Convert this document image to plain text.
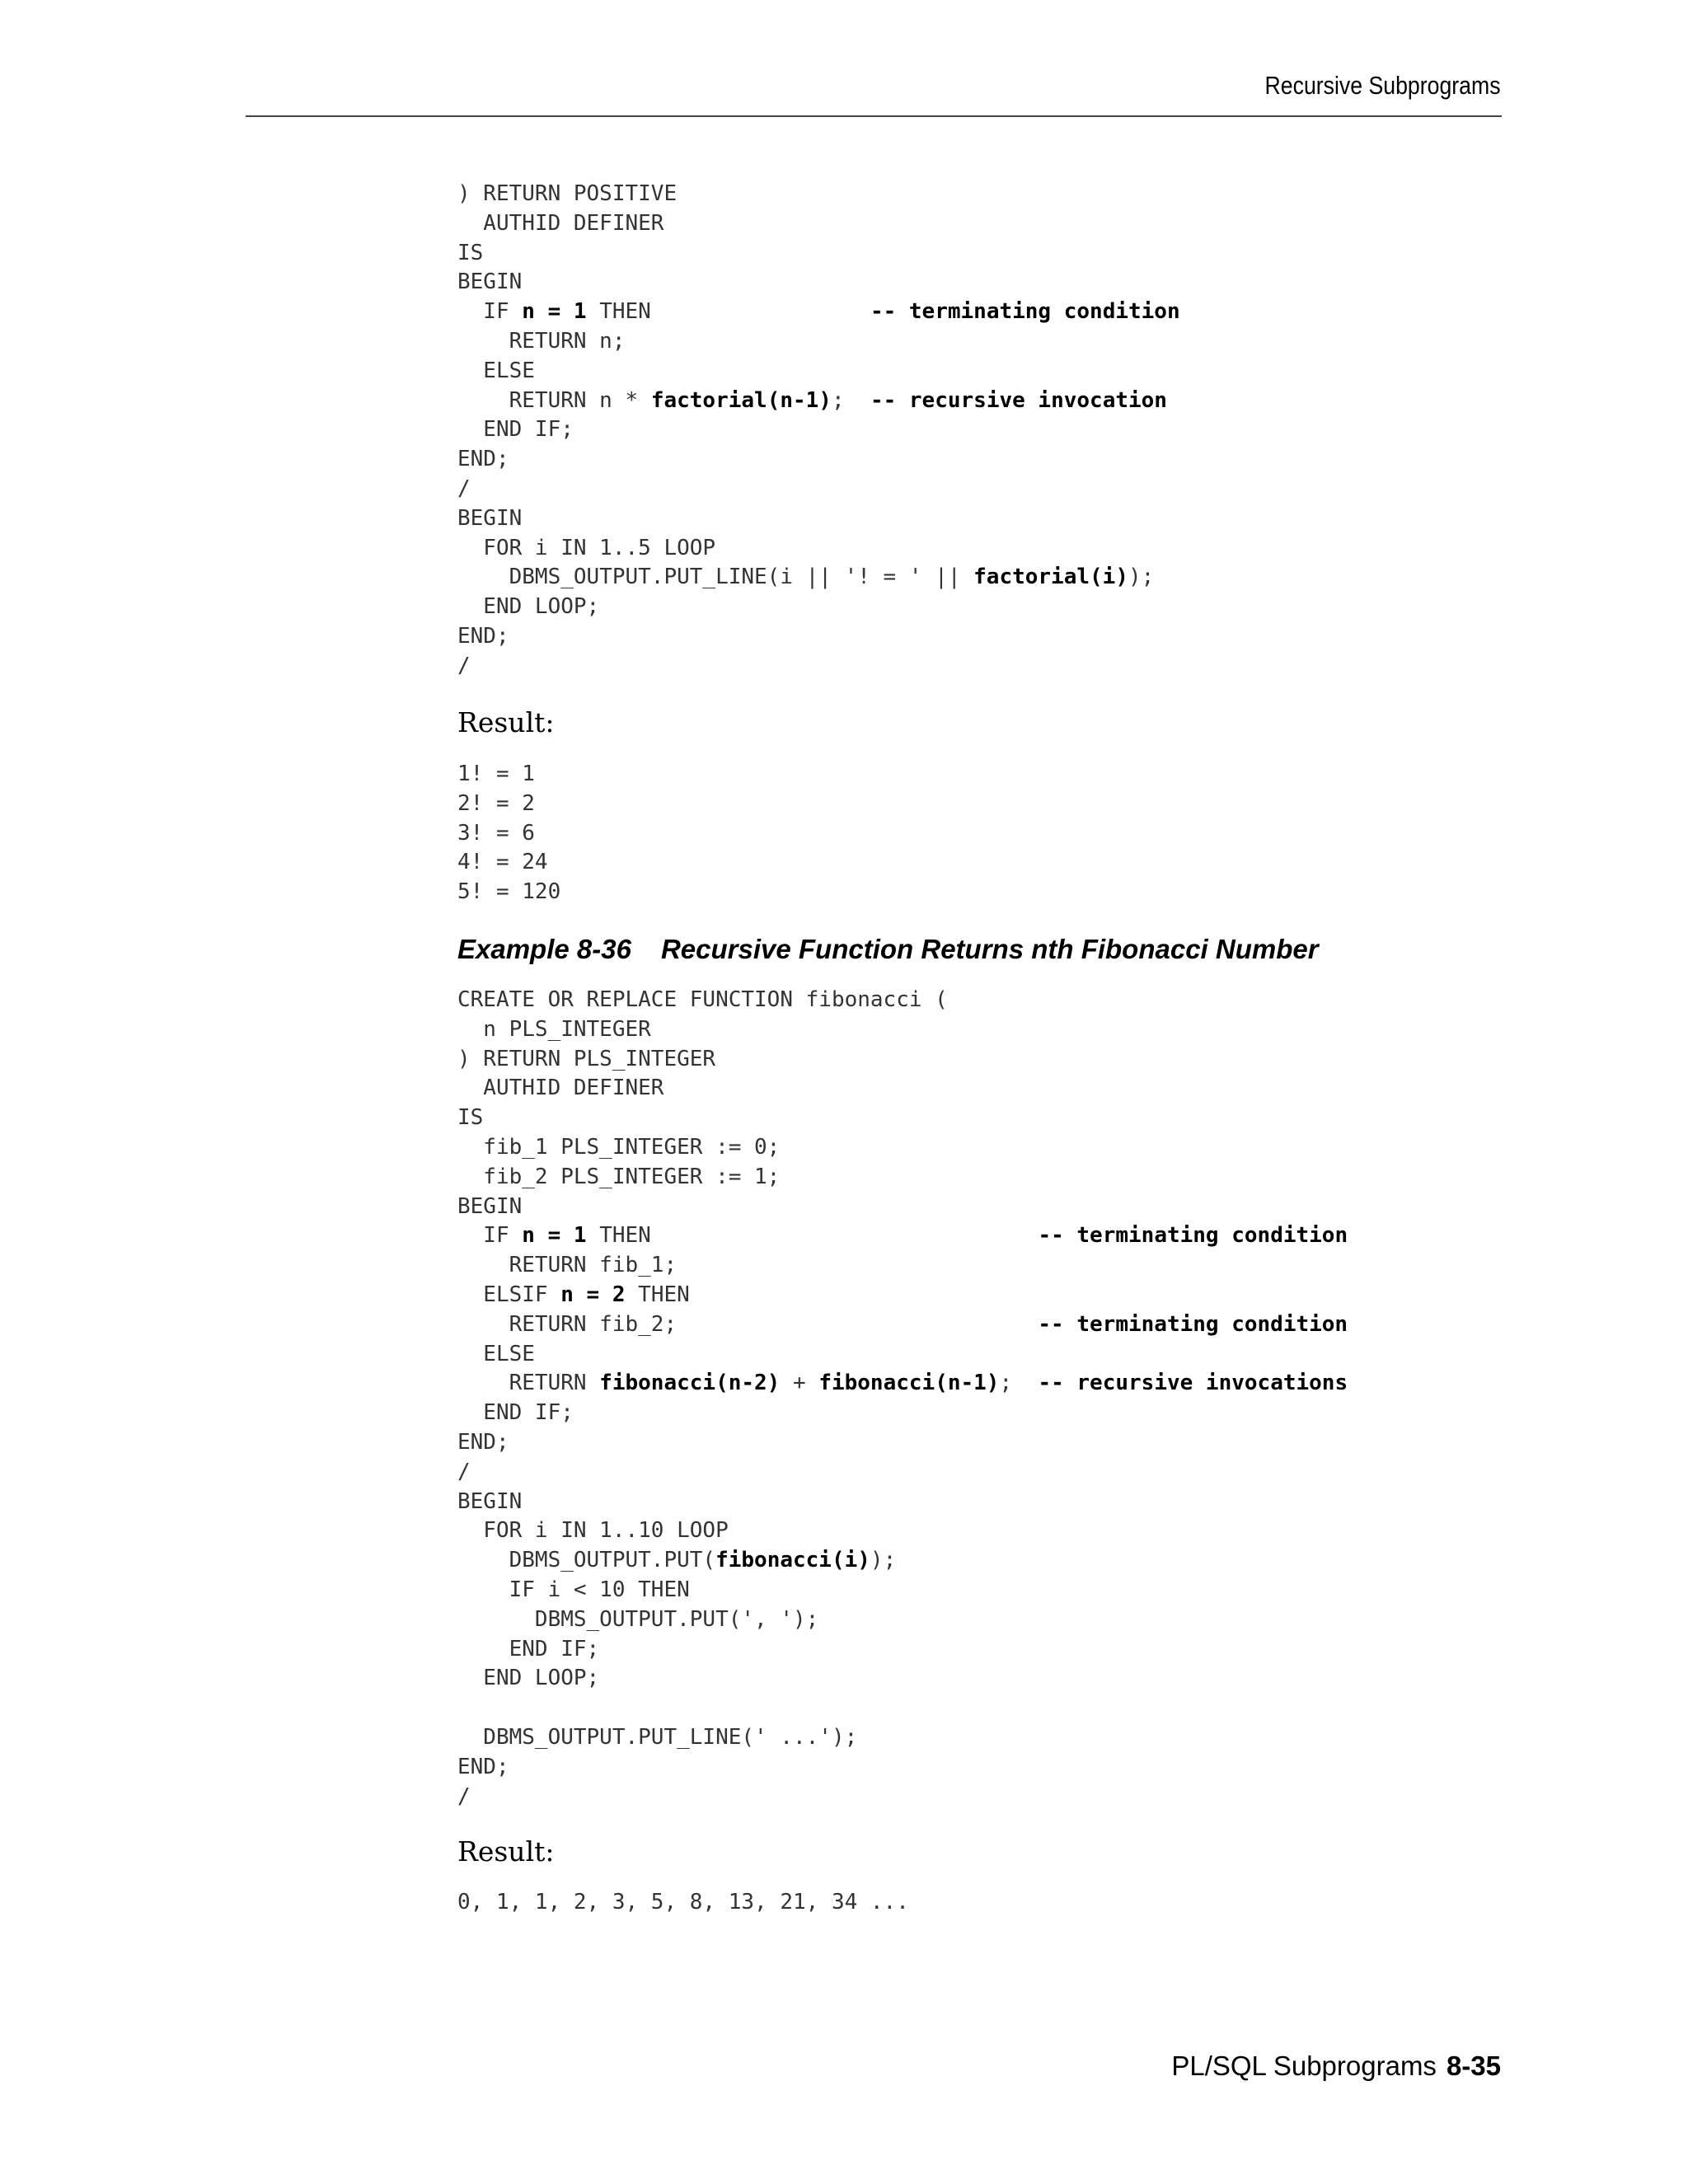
Recursive Subprograms
) RETURN POSITIVE
AUTHID DEFINER
IS
BEGIN
IF n = 1 THEN                 -- terminating condition
RETURN n;
ELSE
RETURN n * factorial(n-1);  -- recursive invocation
END IF;
END;
/
BEGIN
FOR i IN 1..5 LOOP
DBMS_OUTPUT.PUT_LINE(i || '! = ' || factorial(i));
END LOOP;
END;
/

Result:

1! = 1
2! = 2
3! = 6
4! = 24
5! = 120

Example 8-36 Recursive Function Returns nth Fibonacci Number

CREATE OR REPLACE FUNCTION fibonacci (
n PLS_INTEGER
) RETURN PLS_INTEGER
AUTHID DEFINER
IS
fib_1 PLS_INTEGER := 0;
fib_2 PLS_INTEGER := 1;
BEGIN
IF n = 1 THEN                              -- terminating condition
RETURN fib_1;
ELSIF n = 2 THEN
RETURN fib_2;                            -- terminating condition
ELSE
RETURN fibonacci(n-2) + fibonacci(n-1);  -- recursive invocations
END IF;
END;
/
BEGIN
FOR i IN 1..10 LOOP
DBMS_OUTPUT.PUT(fibonacci(i));
IF i < 10 THEN
DBMS_OUTPUT.PUT(', ');
END IF;
END LOOP;

DBMS_OUTPUT.PUT_LINE(' ...');
END;
/

Result:

0, 1, 1, 2, 3, 5, 8, 13, 21, 34 ...
PL/SQL Subprograms 8-35
